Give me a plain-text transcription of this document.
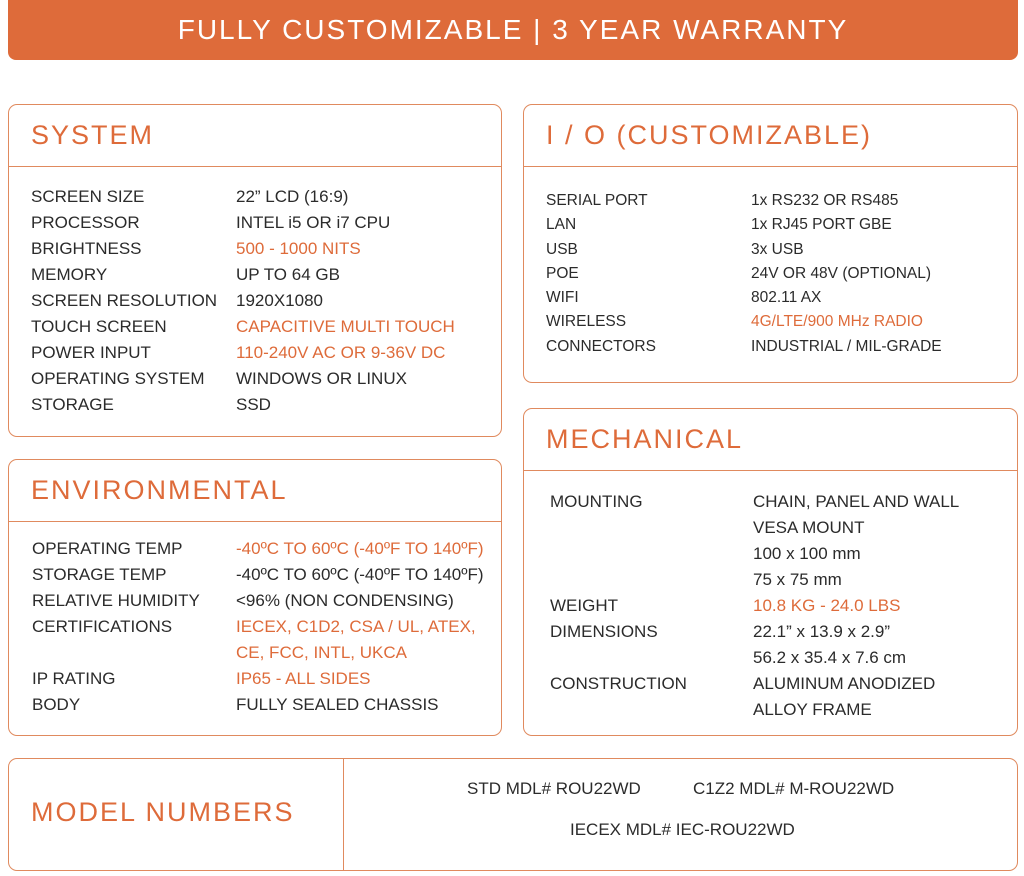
FULLY CUSTOMIZABLE | 3 YEAR WARRANTY
SYSTEM
SCREEN SIZE	22” LCD (16:9)
PROCESSOR	INTEL i5 OR i7 CPU
BRIGHTNESS	500 - 1000 NITS
MEMORY	UP TO 64 GB
SCREEN RESOLUTION	1920X1080
TOUCH SCREEN	CAPACITIVE MULTI TOUCH
POWER INPUT	110-240V AC OR 9-36V DC
OPERATING SYSTEM	WINDOWS OR LINUX
STORAGE	SSD
I / O (CUSTOMIZABLE)
SERIAL PORT	1x RS232 OR RS485
LAN	1x RJ45 PORT GBE
USB	3x USB
POE	24V OR 48V (OPTIONAL)
WIFI	802.11 AX
WIRELESS	4G/LTE/900 MHz RADIO
CONNECTORS	INDUSTRIAL / MIL-GRADE
ENVIRONMENTAL
OPERATING TEMP	-40ºC TO 60ºC (-40ºF TO 140ºF)
STORAGE TEMP	-40ºC TO 60ºC (-40ºF TO 140ºF)
RELATIVE HUMIDITY	<96% (NON CONDENSING)
CERTIFICATIONS	IECEX, C1D2, CSA / UL, ATEX,
CE, FCC, INTL, UKCA
IP RATING	IP65 - ALL SIDES
BODY	FULLY SEALED CHASSIS
MECHANICAL
MOUNTING	CHAIN, PANEL AND WALL
VESA MOUNT
100 x 100 mm
75 x 75 mm
WEIGHT	10.8 KG - 24.0 LBS
DIMENSIONS	22.1” x 13.9 x 2.9”
56.2 x 35.4 x 7.6 cm
CONSTRUCTION	ALUMINUM ANODIZED
ALLOY FRAME
MODEL NUMBERS
STD MDL# ROU22WD	C1Z2 MDL# M-ROU22WD
IECEX MDL# IEC-ROU22WD
